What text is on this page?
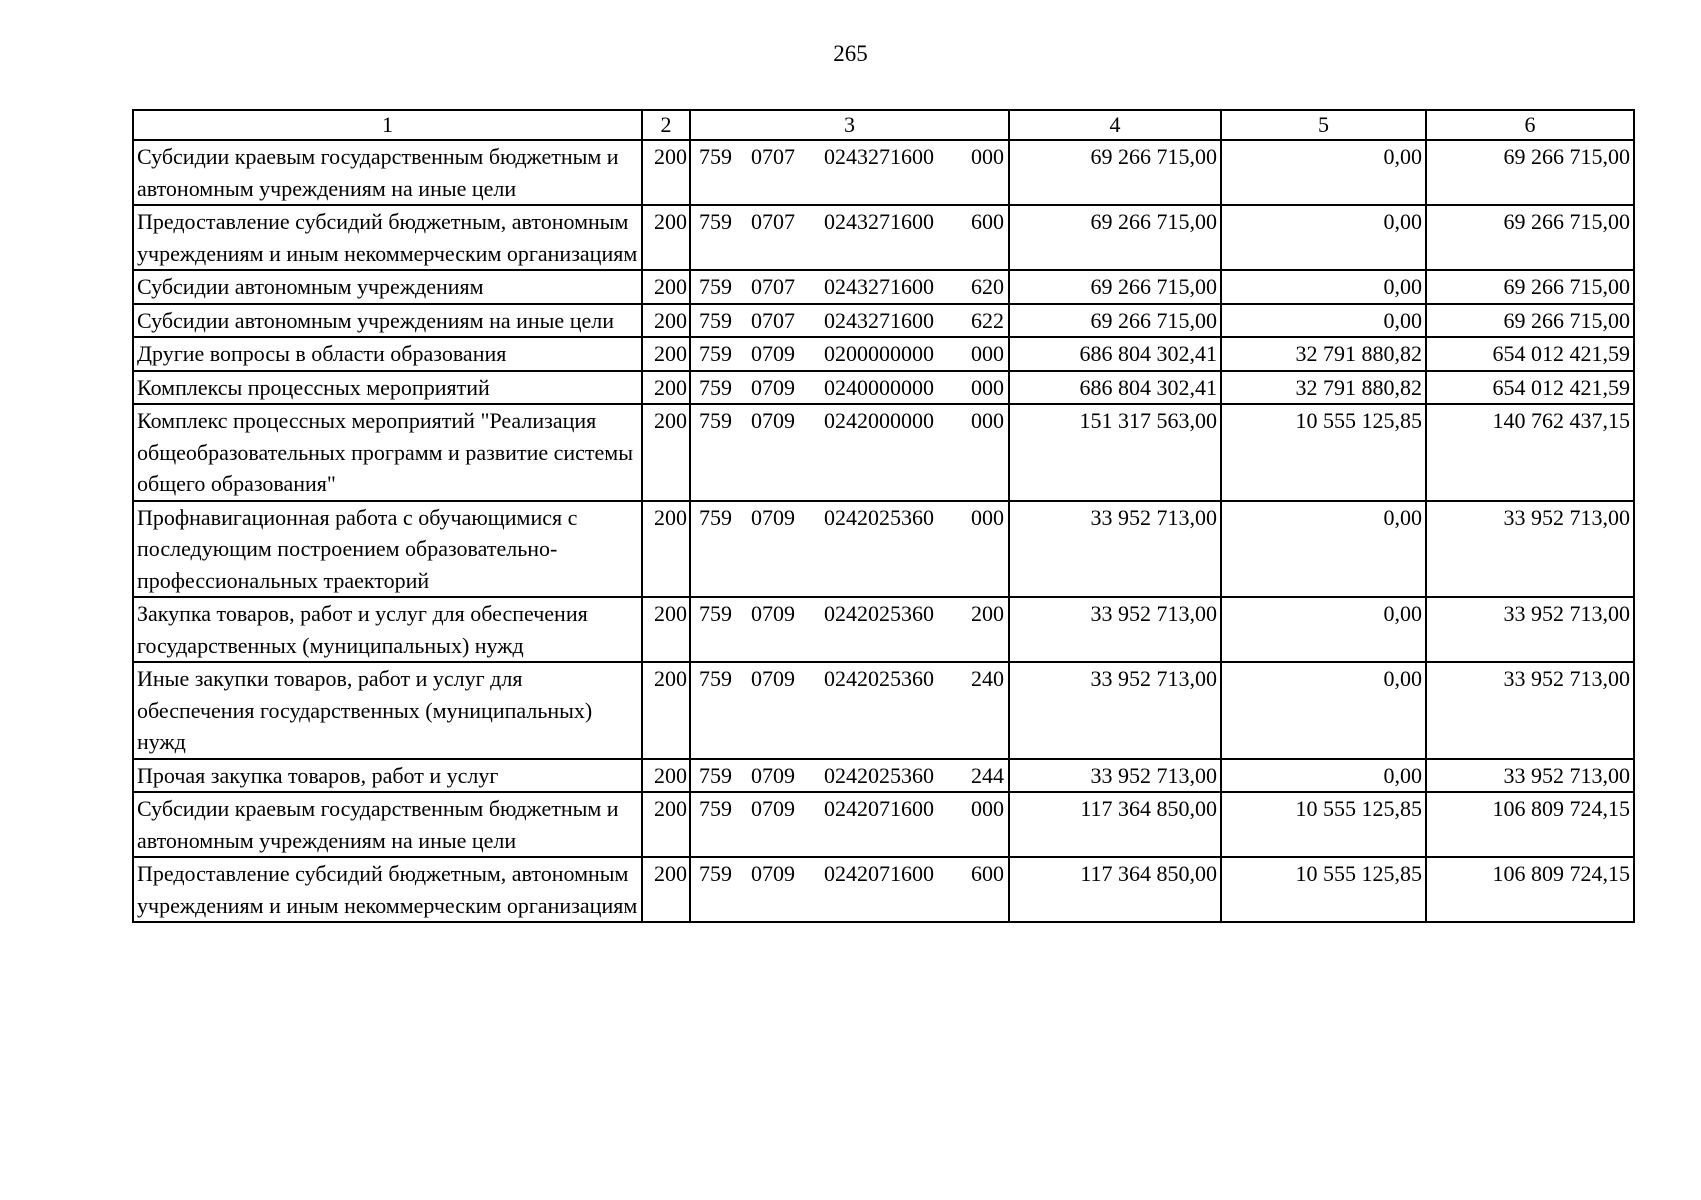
265
1	2	3	4	5	6
Субсидии краевым государственным бюджетным и автономным учреждениям на иные цели	200	759 0707 0243271600 000	69 266 715,00	0,00	69 266 715,00
Предоставление субсидий бюджетным, автономным учреждениям и иным некоммерческим организациям	200	759 0707 0243271600 600	69 266 715,00	0,00	69 266 715,00
Субсидии автономным учреждениям	200	759 0707 0243271600 620	69 266 715,00	0,00	69 266 715,00
Субсидии автономным учреждениям на иные цели	200	759 0707 0243271600 622	69 266 715,00	0,00	69 266 715,00
Другие вопросы в области образования	200	759 0709 0200000000 000	686 804 302,41	32 791 880,82	654 012 421,59
Комплексы процессных мероприятий	200	759 0709 0240000000 000	686 804 302,41	32 791 880,82	654 012 421,59
Комплекс процессных мероприятий "Реализация общеобразовательных программ и развитие системы общего образования"	200	759 0709 0242000000 000	151 317 563,00	10 555 125,85	140 762 437,15
Профнавигационная работа с обучающимися с последующим построением образовательно-профессиональных траекторий	200	759 0709 0242025360 000	33 952 713,00	0,00	33 952 713,00
Закупка товаров, работ и услуг для обеспечения государственных (муниципальных) нужд	200	759 0709 0242025360 200	33 952 713,00	0,00	33 952 713,00
Иные закупки товаров, работ и услуг для обеспечения государственных (муниципальных) нужд	200	759 0709 0242025360 240	33 952 713,00	0,00	33 952 713,00
Прочая закупка товаров, работ и услуг	200	759 0709 0242025360 244	33 952 713,00	0,00	33 952 713,00
Субсидии краевым государственным бюджетным и автономным учреждениям на иные цели	200	759 0709 0242071600 000	117 364 850,00	10 555 125,85	106 809 724,15
Предоставление субсидий бюджетным, автономным учреждениям и иным некоммерческим организациям	200	759 0709 0242071600 600	117 364 850,00	10 555 125,85	106 809 724,15
